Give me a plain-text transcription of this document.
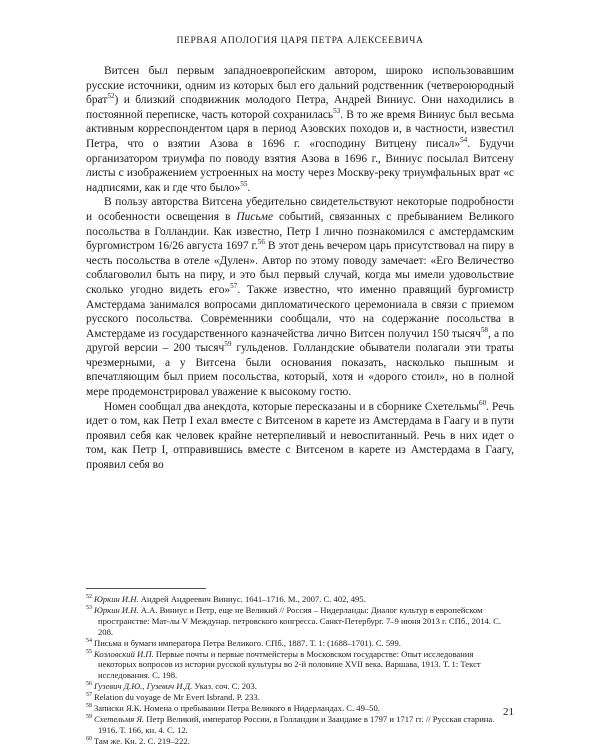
ПЕРВАЯ АПОЛОГИЯ ЦАРЯ ПЕТРА АЛЕКСЕЕВИЧА

Витсен был первым западноевропейским автором, широко использовавшим русские источники, одним из которых был его дальний родственник (четвероюродный брат$^{52}$) и близкий сподвижник молодого Петра, Андрей Виниус. Они находились в постоянной переписке, часть которой сохранилась$^{53}$. В то же время Виниус был весьма активным корреспондентом царя в период Азовских походов и, в частности, известил Петра, что о взятии Азова в 1696 г. «господину Витцену писал»$^{54}$. Будучи организатором триумфа по поводу взятия Азова в 1696 г., Виниус посылал Витсену листы с изображением устроенных на мосту через Москву-реку триумфальных врат «с надписями, как и где что было»$^{55}$.

В пользу авторства Витсена убедительно свидетельствуют некоторые подробности и особенности освещения в Письме событий, связанных с пребыванием Великого посольства в Голландии. Как известно, Петр I лично познакомился с амстердамским бургомистром 16/26 августа 1697 г.$^{56}$ В этот день вечером царь присутствовал на пиру в честь посольства в отеле «Дулен». Автор по этому поводу замечает: «Его Величество соблаговолил быть на пиру, и это был первый случай, когда мы имели удовольствие сколько угодно видеть его»$^{57}$. Также известно, что именно правящий бургомистр Амстердама занимался вопросами дипломатического церемониала в связи с приемом русского посольства. Современники сообщали, что на содержание посольства в Амстердаме из государственного казначейства лично Витсен получил 150 тысяч$^{58}$, а по другой версии – 200 тысяч$^{59}$ гульденов. Голландские обыватели полагали эти траты чрезмерными, а у Витсена были основания показать, насколько пышным и впечатляющим был прием посольства, который, хотя и «дорого стоил», но в полной мере продемонстрировал уважение к высокому гостю.

Номен сообщал два анекдота, которые пересказаны и в сборнике Схетельмы$^{60}$. Речь идет о том, как Петр I ехал вместе с Витсеном в карете из Амстердама в Гаагу и в пути проявил себя как человек крайне нетерпеливый и невоспитанный. Речь в них идет о том, как Петр I, отправившись вместе с Витсеном в карете из Амстердама в Гаагу, проявил себя во

$^{52}$ Юркин И.Н. Андрей Андреевич Виниус. 1641–1716. М., 2007. С. 402, 495.
$^{53}$ Юркин И.Н. А.А. Виниус и Петр, еще не Великий // Россия – Нидерланды: Диалог культур в европейском пространстве: Мат-лы V Междунар. петровского конгресса. Санкт-Петербург. 7–9 июня 2013 г. СПб., 2014. С. 208.
$^{54}$ Письма и бумаги императора Петра Великого. СПб., 1887. Т. 1: (1688–1701). С. 599.
$^{55}$ Козловский И.П. Первые почты и первые почтмейстеры в Московском государстве: Опыт исследования некоторых вопросов из истории русской культуры во 2-й половине XVII века. Варшава, 1913. Т. 1: Текст исследования. С. 198.
$^{56}$ Гузевич Д.Ю., Гузевич И.Д. Указ. соч. С. 203.
$^{57}$ Relation du voyage de Mr Evert Isbrand. P. 233.
$^{58}$ Записки Я.К. Номена о пребывании Петра Великого в Нидерландах. С. 49–50.
$^{59}$ Схетельмя Я. Петр Великий, император России, в Голландии и Заандаме в 1797 и 1717 гг. // Русская старина. 1916. Т. 166, кн. 4. С. 12.
$^{60}$ Там же. Кн. 2. С. 219–222.
21
